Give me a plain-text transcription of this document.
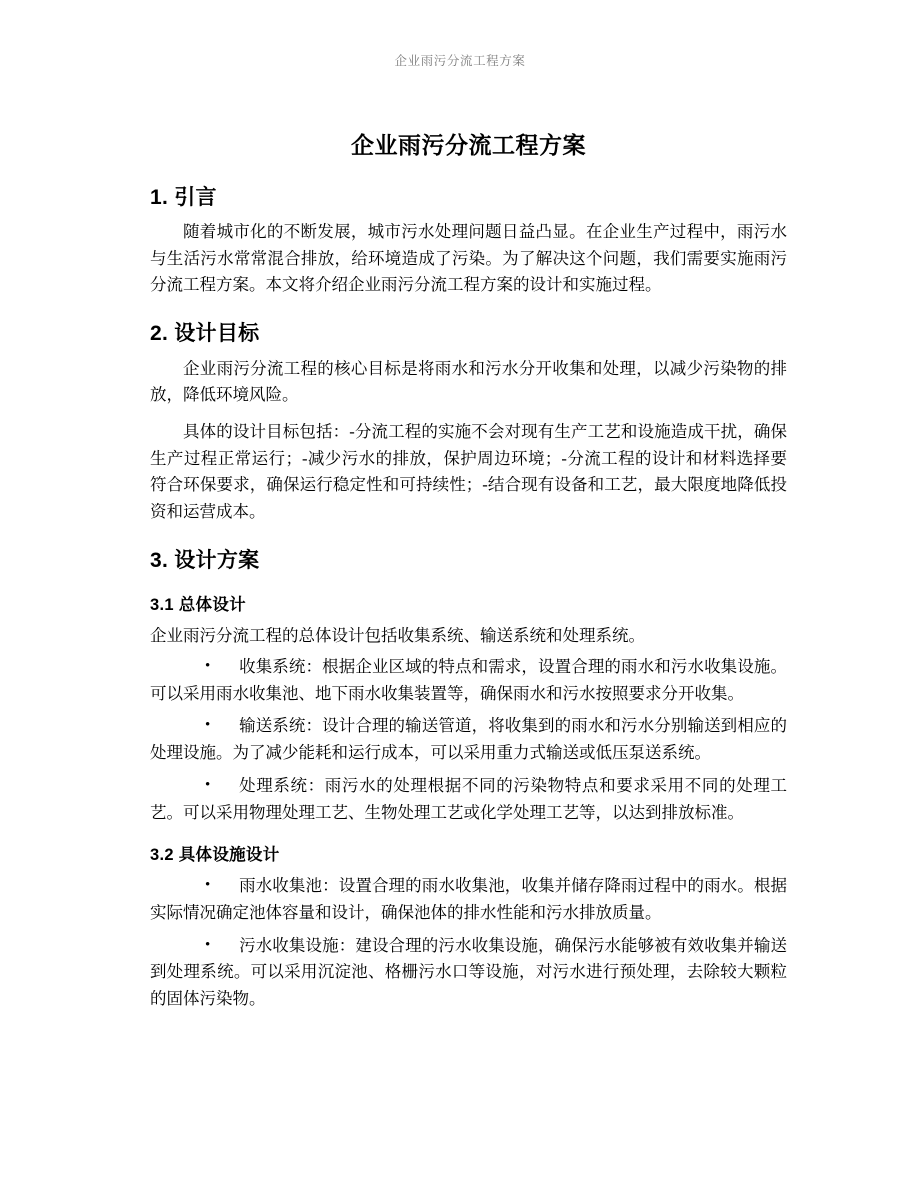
企业雨污分流工程方案
企业雨污分流工程方案
1. 引言

随着城市化的不断发展，城市污水处理问题日益凸显。在企业生产过程中，雨污水与生活污水常常混合排放，给环境造成了污染。为了解决这个问题，我们需要实施雨污分流工程方案。本文将介绍企业雨污分流工程方案的设计和实施过程。

2. 设计目标

企业雨污分流工程的核心目标是将雨水和污水分开收集和处理，以减少污染物的排放，降低环境风险。

具体的设计目标包括：‐分流工程的实施不会对现有生产工艺和设施造成干扰，确保生产过程正常运行；‐减少污水的排放，保护周边环境；‐分流工程的设计和材料选择要符合环保要求，确保运行稳定性和可持续性；‐结合现有设备和工艺，最大限度地降低投资和运营成本。

3. 设计方案
3.1 总体设计

企业雨污分流工程的总体设计包括收集系统、输送系统和处理系统。

• 收集系统：根据企业区域的特点和需求，设置合理的雨水和污水收集设施。可以采用雨水收集池、地下雨水收集装置等，确保雨水和污水按照要求分开收集。
• 输送系统：设计合理的输送管道，将收集到的雨水和污水分别输送到相应的处理设施。为了减少能耗和运行成本，可以采用重力式输送或低压泵送系统。
• 处理系统：雨污水的处理根据不同的污染物特点和要求采用不同的处理工艺。可以采用物理处理工艺、生物处理工艺或化学处理工艺等，以达到排放标准。
3.2 具体设施设计
• 雨水收集池：设置合理的雨水收集池，收集并储存降雨过程中的雨水。根据实际情况确定池体容量和设计，确保池体的排水性能和污水排放质量。
• 污水收集设施：建设合理的污水收集设施，确保污水能够被有效收集并输送到处理系统。可以采用沉淀池、格栅污水口等设施，对污水进行预处理，去除较大颗粒的固体污染物。
